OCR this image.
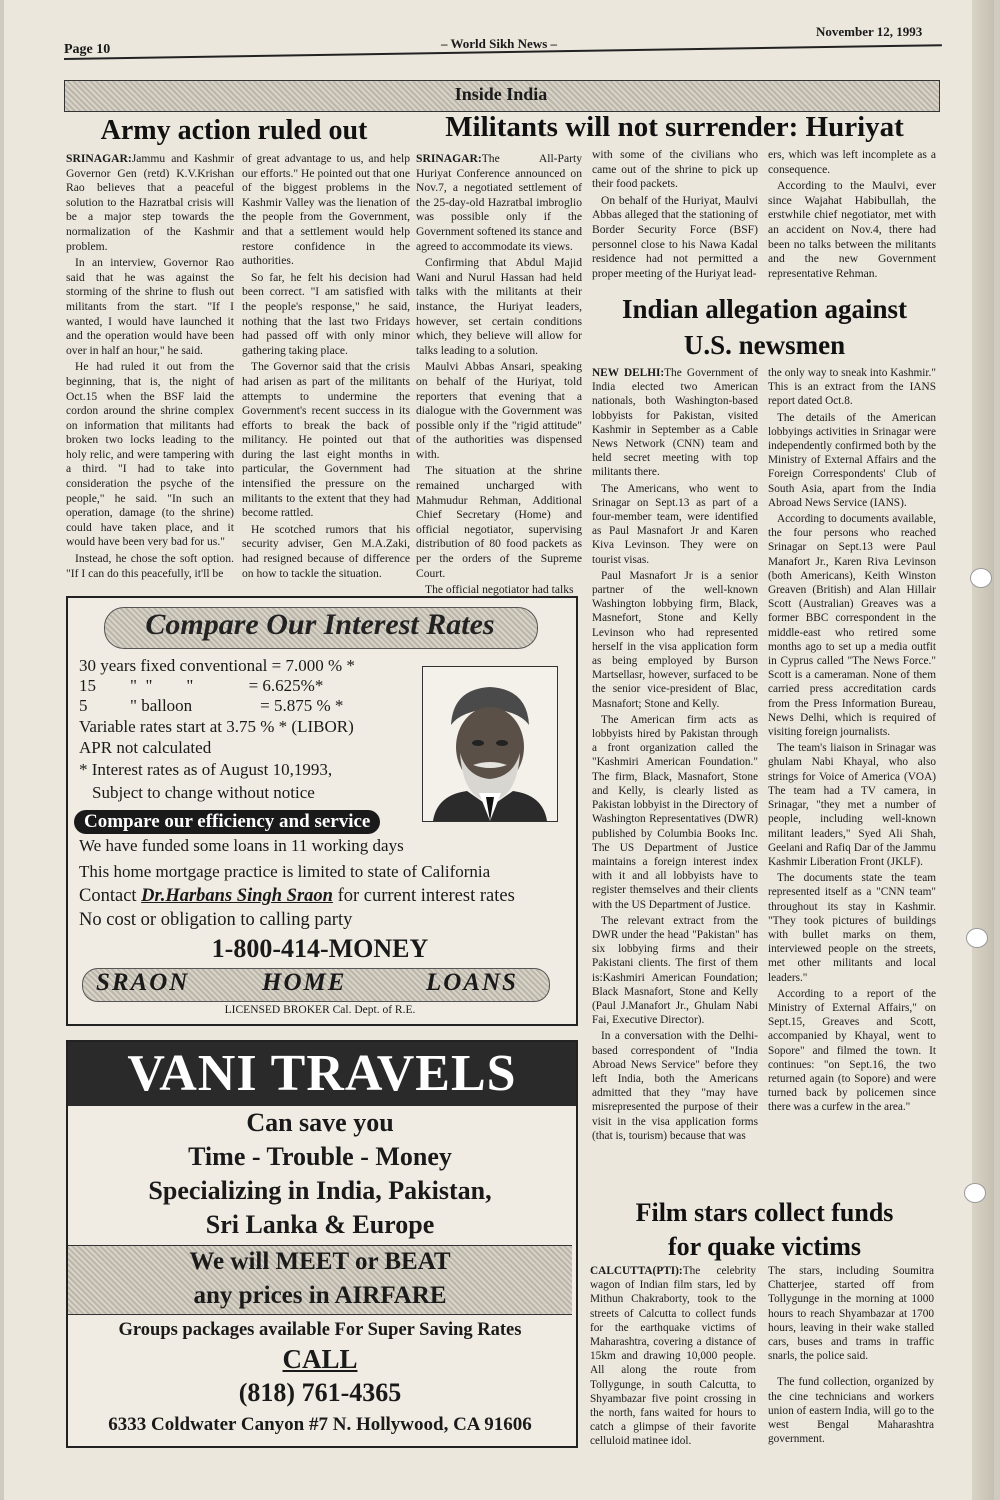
Page 10	– World Sikh News –
November 12, 1993
Inside India
Army action ruled out

SRINAGAR:Jammu and Kashmir Governor Gen (retd) K.V.Krishan Rao believes that a peaceful solution to the Hazratbal crisis will be a major step towards the normalization of the Kashmir problem.

In an interview, Governor Rao said that he was against the storming of the shrine to flush out militants from the start. "If I wanted, I would have launched it and the operation would have been over in half an hour," he said.

He had ruled it out from the beginning, that is, the night of Oct.15 when the BSF laid the cordon around the shrine complex on information that militants had broken two locks leading to the holy relic, and were tampering with a third. "I had to take into consideration the psyche of the people," he said. "In such an operation, damage (to the shrine) could have taken place, and it would have been very bad for us."

Instead, he chose the soft option. "If I can do this peacefully, it'll be

of great advantage to us, and help our efforts." He pointed out that one of the biggest problems in the Kashmir Valley was the lienation of the people from the Government, and that a settlement would help restore confidence in the authorities.

So far, he felt his decision had been correct. "I am satisfied with the people's response," he said, nothing that the last two Fridays had passed off with only minor gathering taking place.

The Governor said that the crisis had arisen as part of the militants attempts to undermine the Government's recent success in its efforts to break the back of militancy. He pointed out that during the last eight months in particular, the Government had intensified the pressure on the militants to the extent that they had become rattled.

He scotched rumors that his security adviser, Gen M.A.Zaki, had resigned because of difference on how to tackle the situation.

Militants will not surrender: Huriyat

SRINAGAR:The All-Party Huriyat Conference announced on Nov.7, a negotiated settlement of the 25-day-old Hazratbal imbroglio was possible only if the Government softened its stance and agreed to accommodate its views.

Confirming that Abdul Majid Wani and Nurul Hassan had held talks with the militants at their instance, the Huriyat leaders, however, set certain conditions which, they believe will allow for talks leading to a solution.

Maulvi Abbas Ansari, speaking on behalf of the Huriyat, told reporters that evening that a dialogue with the Government was possible only if the "rigid attitude" of the authorities was dispensed with.

The situation at the shrine remained uncharged with Mahmudur Rehman, Additional Chief Secretary (Home) and official negotiator, supervising distribution of 80 food packets as per the orders of the Supreme Court.

The official negotiator had talks

with some of the civilians who came out of the shrine to pick up their food packets.

On behalf of the Huriyat, Maulvi Abbas alleged that the stationing of Border Security Force (BSF) personnel close to his Nawa Kadal residence had not permitted a proper meeting of the Huriyat lead-

ers, which was left incomplete as a consequence.

According to the Maulvi, ever since Wajahat Habibullah, the erstwhile chief negotiator, met with an accident on Nov.4, there had been no talks between the militants and the new Government representative Rehman.

Indian allegation against
U.S. newsmen

NEW DELHI:The Government of India elected two American nationals, both Washington-based lobbyists for Pakistan, visited Kashmir in September as a Cable News Network (CNN) team and held secret meeting with top militants there.

The Americans, who went to Srinagar on Sept.13 as part of a four-member team, were identified as Paul Masnafort Jr and Karen Kiva Levinson. They were on tourist visas.

Paul Masnafort Jr is a senior partner of the well-known Washington lobbying firm, Black, Masnefort, Stone and Kelly Levinson who had represented herself in the visa application form as being employed by Burson Martsellasr, however, surfaced to be the senior vice-president of Blac, Masnafort; Stone and Kelly.

The American firm acts as lobbyists hired by Pakistan through a front organization called the "Kashmiri American Foundation." The firm, Black, Masnafort, Stone and Kelly, is clearly listed as Pakistan lobbyist in the Directory of Washington Representatives (DWR) published by Columbia Books Inc. The US Department of Justice maintains a foreign interest index with it and all lobbyists have to register themselves and their clients with the US Department of Justice.

The relevant extract from the DWR under the head "Pakistan" has six lobbying firms and their Pakistani clients. The first of them is:Kashmiri American Foundation; Black Masnafort, Stone and Kelly (Paul J.Manafort Jr., Ghulam Nabi Fai, Executive Director).

In a conversation with the Delhi-based correspondent of "India Abroad News Service" before they left India, both the Americans admitted that they "may have misrepresented the purpose of their visit in the visa application forms (that is, tourism) because that was

the only way to sneak into Kashmir." This is an extract from the IANS report dated Oct.8.

The details of the American lobbyings activities in Srinagar were independently confirmed both by the Ministry of External Affairs and the Foreign Correspondents' Club of South Asia, apart from the India Abroad News Service (IANS).

According to documents available, the four persons who reached Srinagar on Sept.13 were Paul Manafort Jr., Karen Riva Levinson (both Americans), Keith Winston Greaven (British) and Alan Hillair Scott (Australian) Greaves was a former BBC correspondent in the middle-east who retired some months ago to set up a media outfit in Cyprus called "The News Force." Scott is a cameraman. None of them carried press accreditation cards from the Press Information Bureau, News Delhi, which is required of visiting foreign journalists.

The team's liaison in Srinagar was ghulam Nabi Khayal, who also strings for Voice of America (VOA) The team had a TV camera, in Srinagar, "they met a number of people, including well-known militant leaders," Syed Ali Shah, Geelani and Rafiq Dar of the Jammu Kashmir Liberation Front (JKLF).

The documents state the team represented itself as a "CNN team" throughout its stay in Kashmir. "They took pictures of buildings with bullet marks on them, interviewed people on the streets, met other militants and local leaders."

According to a report of the Ministry of External Affairs," on Sept.15, Greaves and Scott, accompanied by Khayal, went to Sopore" and filmed the town. It continues: "on Sept.16, the two returned again (to Sopore) and were turned back by policemen since there was a curfew in the area."

Film stars collect funds
for quake victims

CALCUTTA(PTI):The celebrity wagon of Indian film stars, led by Mithun Chakraborty, took to the streets of Calcutta to collect funds for the earthquake victims of Maharashtra, covering a distance of 15km and drawing 10,000 people. All along the route from Tollygunge, in south Calcutta, to Shyambazar five point crossing in the north, fans waited for hours to catch a glimpse of their favorite celluloid matinee idol.

The stars, including Soumitra Chatterjee, started off from Tollygunge in the morning at 1000 hours to reach Shyambazar at 1700 hours, leaving in their wake stalled cars, buses and trams in traffic snarls, the police said.

The fund collection, organized by the cine technicians and workers union of eastern India, will go to the west Bengal Maharashtra government.

Compare Our Interest Rates
30 years fixed conventional = 7.000 % *
15        "  "        "             = 6.625%*
5          " balloon                = 5.875 % *
Variable rates start at 3.75 % * (LIBOR)
APR not calculated
* Interest rates as of August 10,1993,
Subject to change without notice
Compare our efficiency and service
We have funded some loans in 11 working days
This home mortgage practice is limited to state of California
Contact Dr.Harbans Singh Sraon for current interest rates
No cost or obligation to calling party
1-800-414-MONEY
SRAON	HOME	LOANS
LICENSED BROKER Cal. Dept. of R.E.
VANI TRAVELS
Can save you
Time - Trouble - Money
Specializing in India, Pakistan,
Sri Lanka & Europe
We will MEET or BEAT
any prices in AIRFARE
Groups packages available For Super Saving Rates
CALL
(818) 761-4365
6333 Coldwater Canyon #7 N. Hollywood, CA 91606
